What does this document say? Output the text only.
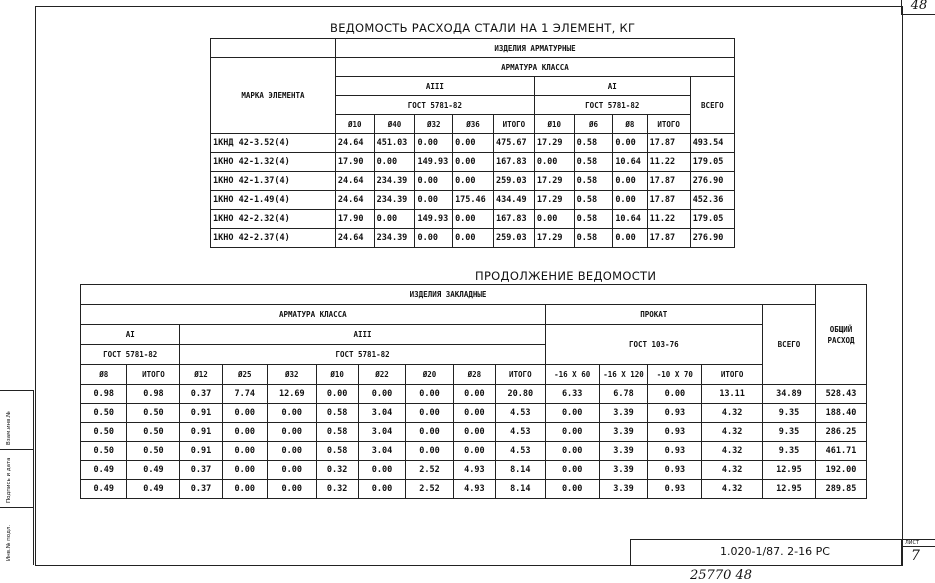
48
Взам.инв.№
Подпись и дата
Инв.№ подл.
ВЕДОМОСТЬ РАСХОДА СТАЛИ НА 1 ЭЛЕМЕНТ, КГ
	ИЗДЕЛИЯ АРМАТУРНЫЕ									
МАРКА ЭЛЕМЕНТА	АРМАТУРА КЛАССА									
	АIII					АI				ВСЕГО
	ГОСТ 5781-82					ГОСТ 5781-82				
	Ø10	Ø40	Ø32	Ø36	ИТОГО	Ø10	Ø6	Ø8	ИТОГО	
1КНД 42-3.52(4)	24.64	451.03	0.00	0.00	475.67	17.29	0.58	0.00	17.87	493.54
1КНО 42-1.32(4)	17.90	0.00	149.93	0.00	167.83	0.00	0.58	10.64	11.22	179.05
1КНО 42-1.37(4)	24.64	234.39	0.00	0.00	259.03	17.29	0.58	0.00	17.87	276.90
1КНО 42-1.49(4)	24.64	234.39	0.00	175.46	434.49	17.29	0.58	0.00	17.87	452.36
1КНО 42-2.32(4)	17.90	0.00	149.93	0.00	167.83	0.00	0.58	10.64	11.22	179.05
1КНО 42-2.37(4)	24.64	234.39	0.00	0.00	259.03	17.29	0.58	0.00	17.87	276.90
ПРОДОЛЖЕНИЕ ВЕДОМОСТИ
ИЗДЕЛИЯ ЗАКЛАДНЫЕ															ОБЩИЙ РАСХОД
АРМАТУРА КЛАССА										ПРОКАТ				ВСЕГО	
АI		АIII								ГОСТ 103-76					
ГОСТ 5781-82		ГОСТ 5781-82													
Ø8	ИТОГО	Ø12	Ø25	Ø32	Ø10	Ø22	Ø20	Ø28	ИТОГО	-16 Х 60	-16 Х 120	-10 Х 70	ИТОГО		
0.98	0.98	0.37	7.74	12.69	0.00	0.00	0.00	0.00	20.80	6.33	6.78	0.00	13.11	34.89	528.43
0.50	0.50	0.91	0.00	0.00	0.58	3.04	0.00	0.00	4.53	0.00	3.39	0.93	4.32	9.35	188.40
0.50	0.50	0.91	0.00	0.00	0.58	3.04	0.00	0.00	4.53	0.00	3.39	0.93	4.32	9.35	286.25
0.50	0.50	0.91	0.00	0.00	0.58	3.04	0.00	0.00	4.53	0.00	3.39	0.93	4.32	9.35	461.71
0.49	0.49	0.37	0.00	0.00	0.32	0.00	2.52	4.93	8.14	0.00	3.39	0.93	4.32	12.95	192.00
0.49	0.49	0.37	0.00	0.00	0.32	0.00	2.52	4.93	8.14	0.00	3.39	0.93	4.32	12.95	289.85
1.020-1/87. 2-16 РС
ЛИСТ
7
25770 48
